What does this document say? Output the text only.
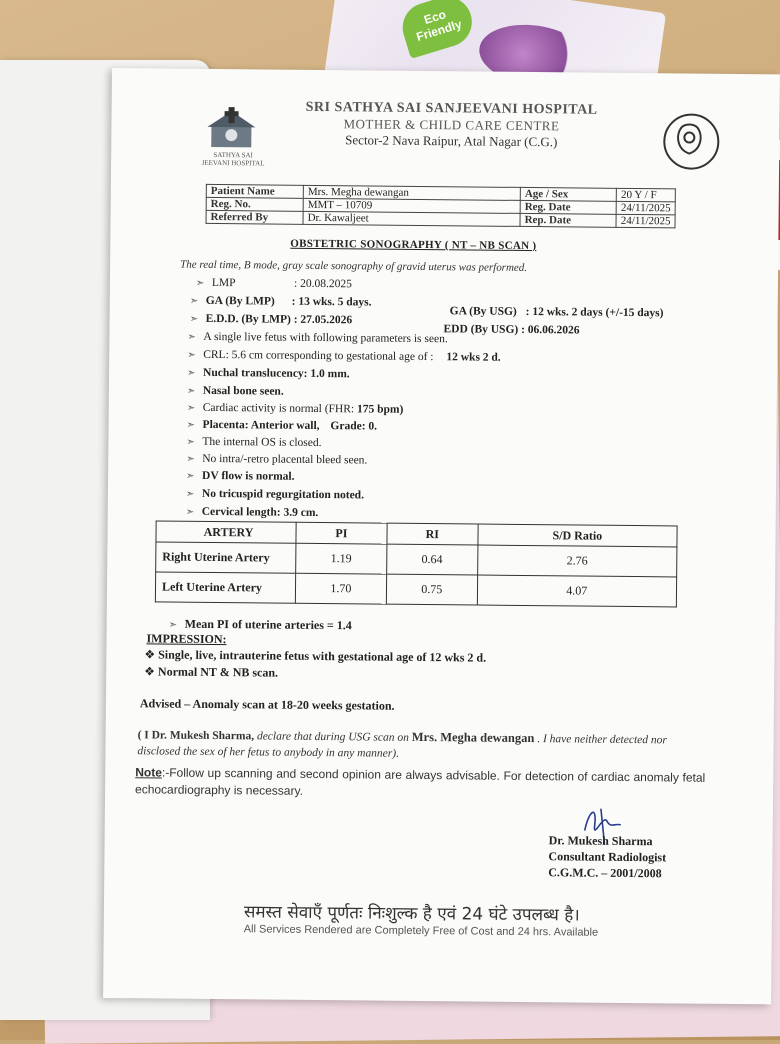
Eco
Friendly
SATHYA SAI
JEEVANI HOSPITAL
SRI SATHYA SAI SANJEEVANI HOSPITAL
MOTHER & CHILD CARE CENTRE
Sector-2 Nava Raipur, Atal Nagar (C.G.)
Patient Name	Mrs. Megha dewangan	Age / Sex	20 Y / F
Reg. No.	MMT – 10709	Reg. Date	24/11/2025
Referred By	Dr. Kawaljeet	Rep. Date	24/11/2025
OBSTETRIC SONOGRAPHY ( NT – NB SCAN )
The real time, B mode, gray scale sonography of gravid uterus was performed.
➣ LMP	: 20.08.2025
➣ GA (By LMP) : 13 wks. 5 days.
GA (By USG) : 12 wks. 2 days (+/-15 days)
➣ E.D.D. (By LMP) : 27.05.2026
EDD (By USG) : 06.06.2026
➣ A single live fetus with following parameters is seen.
➣ CRL: 5.6 cm corresponding to gestational age of : 12 wks 2 d.
➣ Nuchal translucency: 1.0 mm.
➣ Nasal bone seen.
➣ Cardiac activity is normal (FHR: 175 bpm)
➣ Placenta: Anterior wall, Grade: 0.
➣ The internal OS is closed.
➣ No intra/-retro placental bleed seen.
➣ DV flow is normal.
➣ No tricuspid regurgitation noted.
➣ Cervical length: 3.9 cm.
ARTERY	PI	RI	S/D Ratio
Right Uterine Artery	1.19	0.64	2.76
Left Uterine Artery	1.70	0.75	4.07
➣ Mean PI of uterine arteries = 1.4
IMPRESSION:
❖ Single, live, intrauterine fetus with gestational age of 12 wks 2 d.
❖ Normal NT & NB scan.
Advised – Anomaly scan at 18-20 weeks gestation.
( I Dr. Mukesh Sharma, declare that during USG scan on Mrs. Megha dewangan . I have neither detected nor disclosed the sex of her fetus to anybody in any manner).
Note:-Follow up scanning and second opinion are always advisable. For detection of cardiac anomaly fetal echocardiography is necessary.
Dr. Mukesh Sharma
Consultant Radiologist
C.G.M.C. – 2001/2008
समस्त सेवाएँ पूर्णतः निःशुल्क है एवं 24 घंटे उपलब्ध है।
All Services Rendered are Completely Free of Cost and 24 hrs. Available
